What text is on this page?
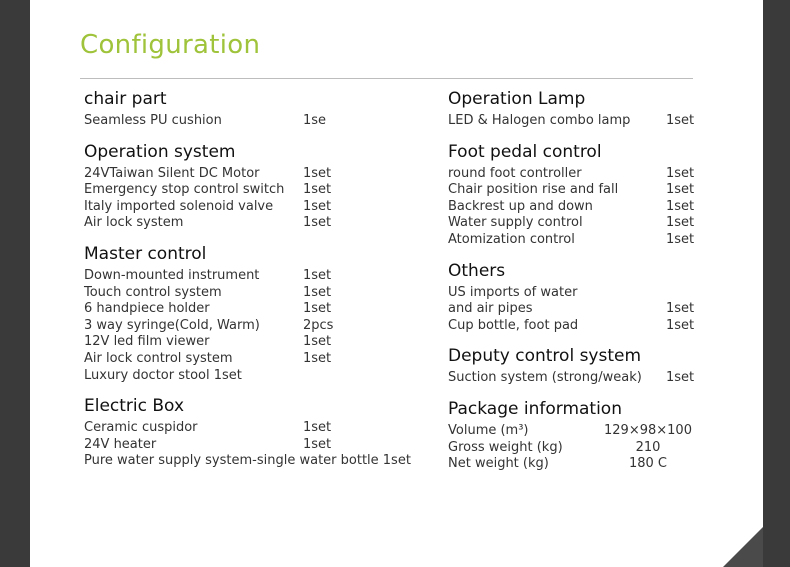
Configuration
chair part
Seamless PU cushion	1se
Operation system
24VTaiwan Silent DC Motor	1set
Emergency stop control switch	1set
Italy imported solenoid valve	1set
Air lock system	1set
Master control
Down-mounted instrument	1set
Touch control system	1set
6 handpiece holder	1set
3 way syringe(Cold, Warm)	2pcs
12V led film viewer	1set
Air lock control system	1set
Luxury doctor stool 1set
Electric Box
Ceramic cuspidor	1set
24V heater	1set
Pure water supply system-single water bottle 1set
Operation Lamp
LED & Halogen combo lamp	1set
Foot pedal control
round foot controller	1set
Chair position rise and fall	1set
Backrest up and down	1set
Water supply control	1set
Atomization control	1set
Others
US imports of water
and air pipes	1set
Cup bottle, foot pad	1set
Deputy control system
Suction system (strong/weak)	1set
Package information
Volume (m³)	129×98×100
Gross weight (kg)	210
Net weight (kg)	180 C
